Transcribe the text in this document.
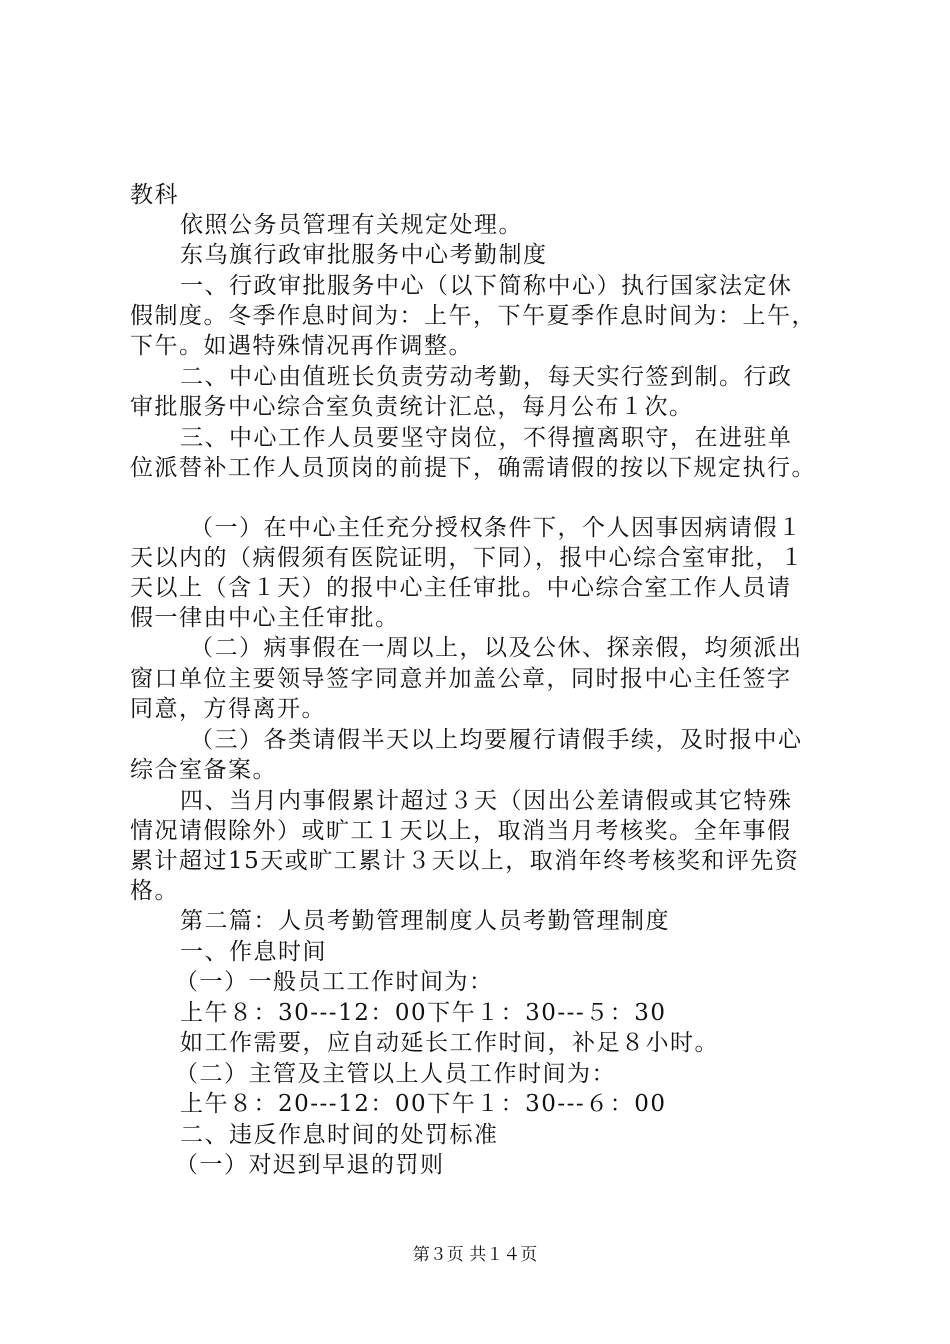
教科
依照公务员管理有关规定处理。
东乌旗行政审批服务中心考勤制度
一、行政审批服务中心（以下简称中心）执行国家法定休
假制度。冬季作息时间为：上午，下午夏季作息时间为：上午，
下午。如遇特殊情况再作调整。
二、中心由值班长负责劳动考勤，每天实行签到制。行政
审批服务中心综合室负责统计汇总，每月公布１次。
三、中心工作人员要坚守岗位，不得擅离职守，在进驻单
位派替补工作人员顶岗的前提下，确需请假的按以下规定执行。
（一）在中心主任充分授权条件下，个人因事因病请假１
天以内的（病假须有医院证明，下同），报中心综合室审批，１
天以上（含１天）的报中心主任审批。中心综合室工作人员请
假一律由中心主任审批。
（二）病事假在一周以上，以及公休、探亲假，均须派出
窗口单位主要领导签字同意并加盖公章，同时报中心主任签字
同意，方得离开。
（三）各类请假半天以上均要履行请假手续，及时报中心
综合室备案。
四、当月内事假累计超过３天（因出公差请假或其它特殊
情况请假除外）或旷工１天以上，取消当月考核奖。全年事假
累计超过15天或旷工累计３天以上，取消年终考核奖和评先资
格。
第二篇：人员考勤管理制度人员考勤管理制度
一、作息时间
（一）一般员工工作时间为：
上午８：30---12：00下午１：30---５：30
如工作需要，应自动延长工作时间，补足８小时。
（二）主管及主管以上人员工作时间为：
上午８：20---12：00下午１：30---６：00
二、违反作息时间的处罚标准
（一）对迟到早退的罚则
第３页 共１４页
